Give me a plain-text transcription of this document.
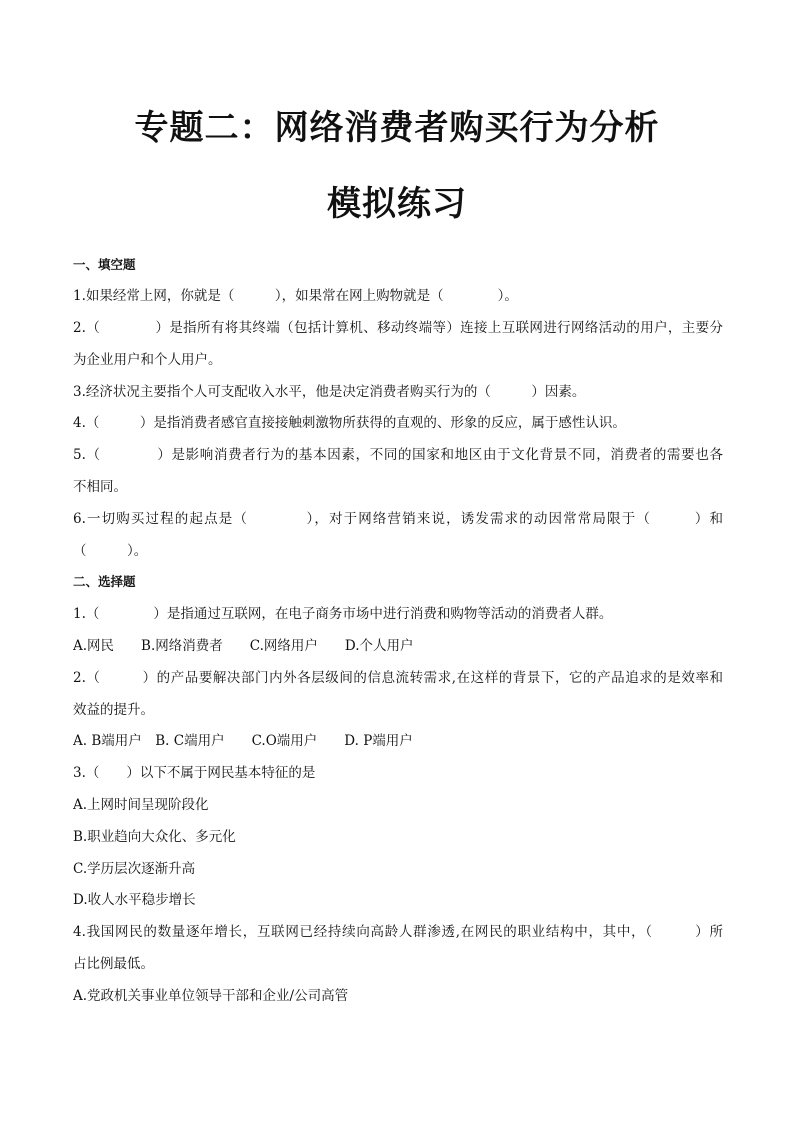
专题二：网络消费者购买行为分析
模拟练习
一、填空题
1.如果经常上网，你就是（　　　），如果常在网上购物就是（　　　　）。
2.（　　　　）是指所有将其终端（包括计算机、移动终端等）连接上互联网进行网络活动的用户，主要分
为企业用户和个人用户。
3.经济状况主要指个人可支配收入水平，他是决定消费者购买行为的（　　　）因素。
4.（　　　）是指消费者感官直接接触刺激物所获得的直观的、形象的反应，属于感性认识。
5.（　　　　）是影响消费者行为的基本因素，不同的国家和地区由于文化背景不同，消费者的需要也各
不相同。
6.一切购买过程的起点是（　　　　），对于网络营销来说，诱发需求的动因常常局限于（　　　）和
（　　　）。
二、选择题
1.（　　　　）是指通过互联网，在电子商务市场中进行消费和购物等活动的消费者人群。
A.网民　　B.网络消费者　　C.网络用户　　D.个人用户
2.（　　　）的产品要解决部门内外各层级间的信息流转需求,在这样的背景下，它的产品追求的是效率和
效益的提升。
A. B端用户　B. C端用户　　C.O端用户　　D. P端用户
3.（　　）以下不属于网民基本特征的是
A.上网时间呈现阶段化
B.职业趋向大众化、多元化
C.学历层次逐渐升高
D.收人水平稳步增长
4.我国网民的数量逐年增长，互联网已经持续向高龄人群渗透,在网民的职业结构中，其中，（　　　）所
占比例最低。
A.党政机关事业单位领导干部和企业/公司高管
